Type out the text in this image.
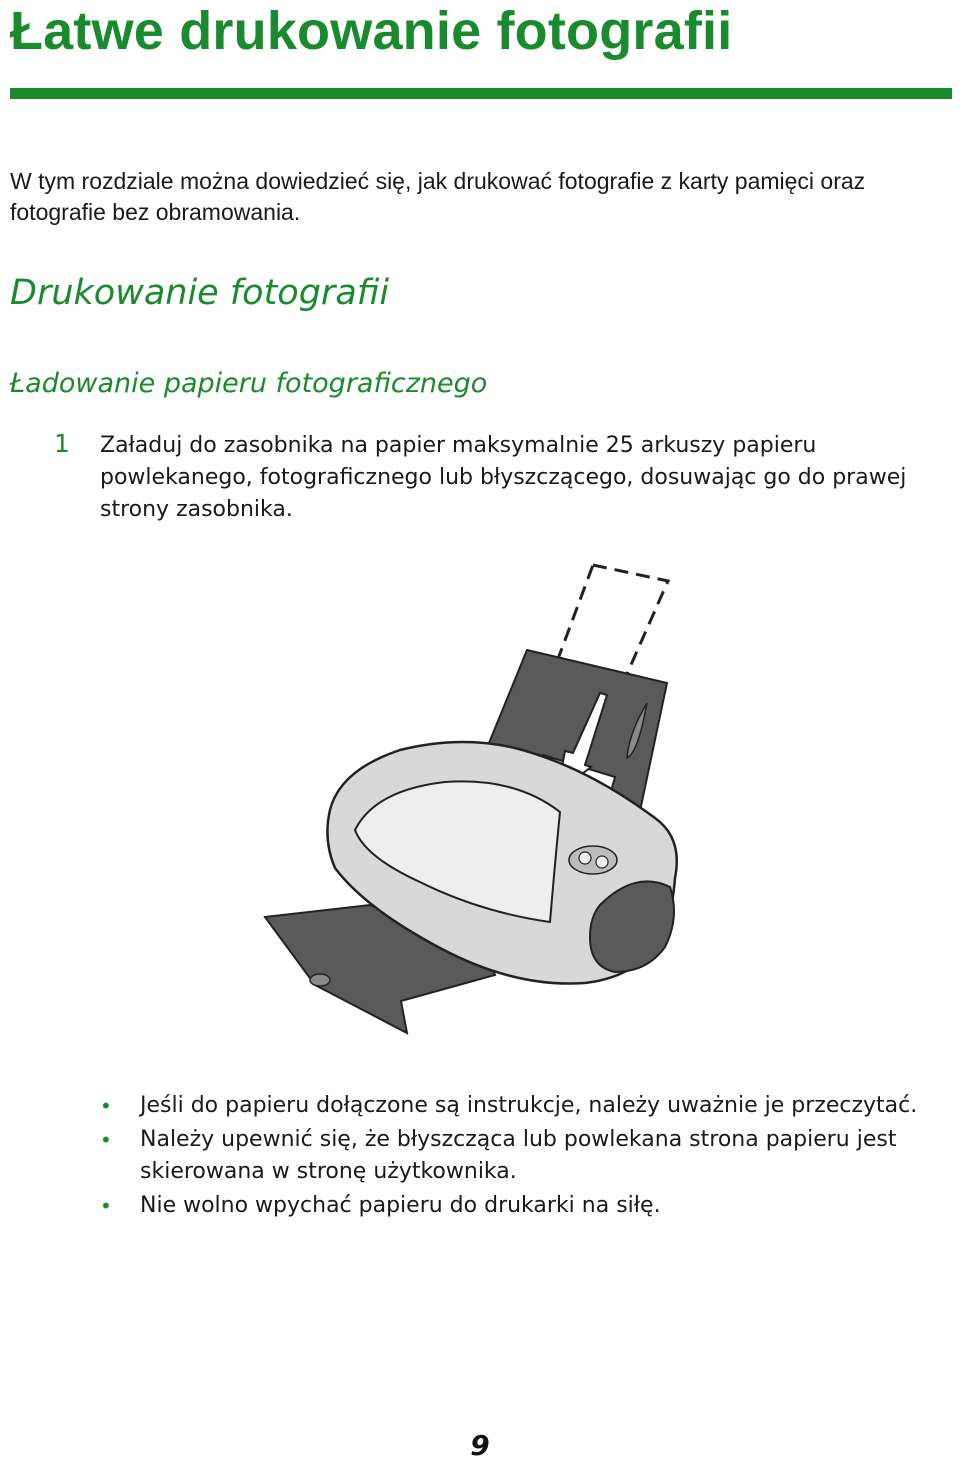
Łatwe drukowanie fotografii

W tym rozdziale można dowiedzieć się, jak drukować fotografie z karty pamięci oraz fotografie bez obramowania.

Drukowanie fotografii
Ładowanie papieru fotograficznego
1 Załaduj do zasobnika na papier maksymalnie 25 arkuszy papieru powlekanego, fotograficznego lub błyszczącego, dosuwając go do prawej strony zasobnika.

•	Jeśli do papieru dołączone są instrukcje, należy uważnie je przeczytać.
•	Należy upewnić się, że błyszcząca lub powlekana strona papieru jest skierowana w stronę użytkownika.
•	Nie wolno wpychać papieru do drukarki na siłę.
9
